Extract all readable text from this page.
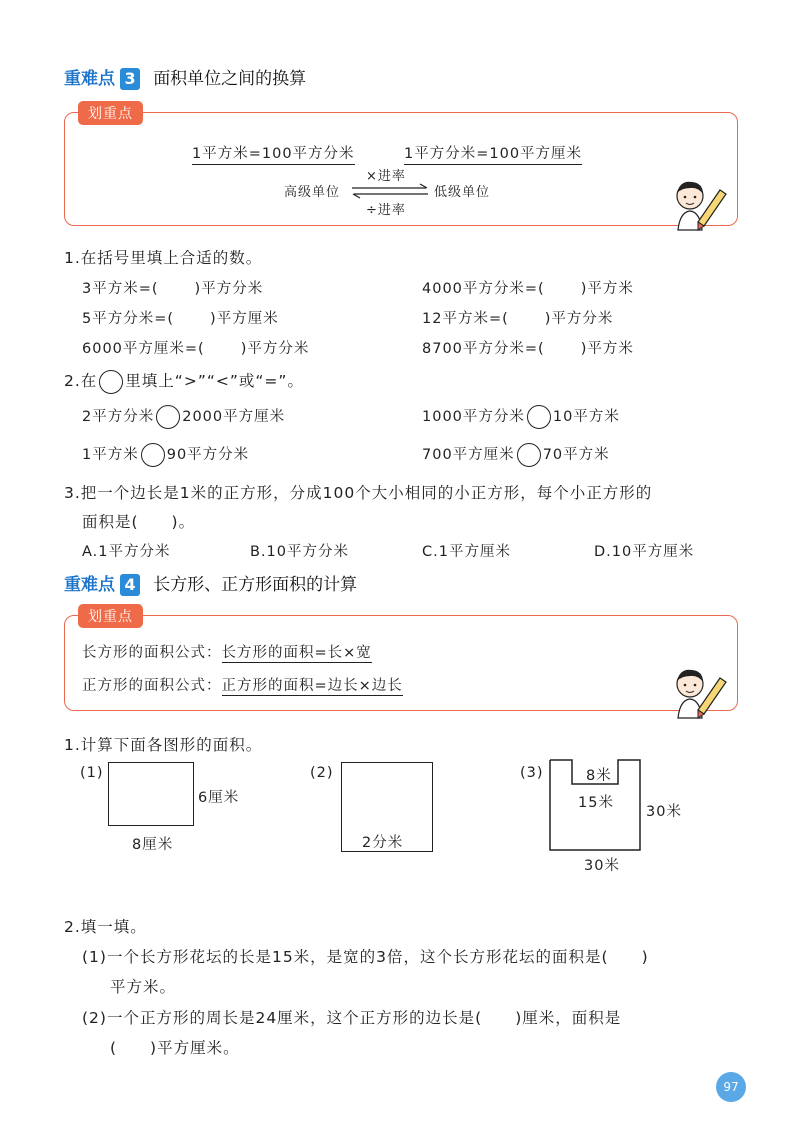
重难点 3 面积单位之间的换算
划重点
1平方米=100平方分米	1平方分米=100平方厘米
高级单位	低级单位
×进率
÷进率
1.在括号里填上合适的数。
3平方米=( )平方分米	4000平方分米=( )平方米
5平方分米=( )平方厘米	12平方米=( )平方分米
6000平方厘米=( )平方分米	8700平方分米=( )平方米
2.在 里填上“>”“<”或“=”。
2平方分米 2000平方厘米	1000平方分米 10平方米
1平方米 90平方分米	700平方厘米 70平方米
3.把一个边长是1米的正方形，分成100个大小相同的小正方形，每个小正方形的
面积是(　　)。
A.1平方分米	B.10平方分米	C.1平方厘米	D.10平方厘米
重难点 4 长方形、正方形面积的计算
划重点
长方形的面积公式：长方形的面积=长×宽
正方形的面积公式：正方形的面积=边长×边长
1.计算下面各图形的面积。
(1)
6厘米
8厘米
(2)
2分米
(3)	8米
15米
30米
30米
2.填一填。
(1)一个长方形花坛的长是15米，是宽的3倍，这个长方形花坛的面积是(　　)
平方米。
(2)一个正方形的周长是24厘米，这个正方形的边长是(　　)厘米，面积是
(　　)平方厘米。
97
